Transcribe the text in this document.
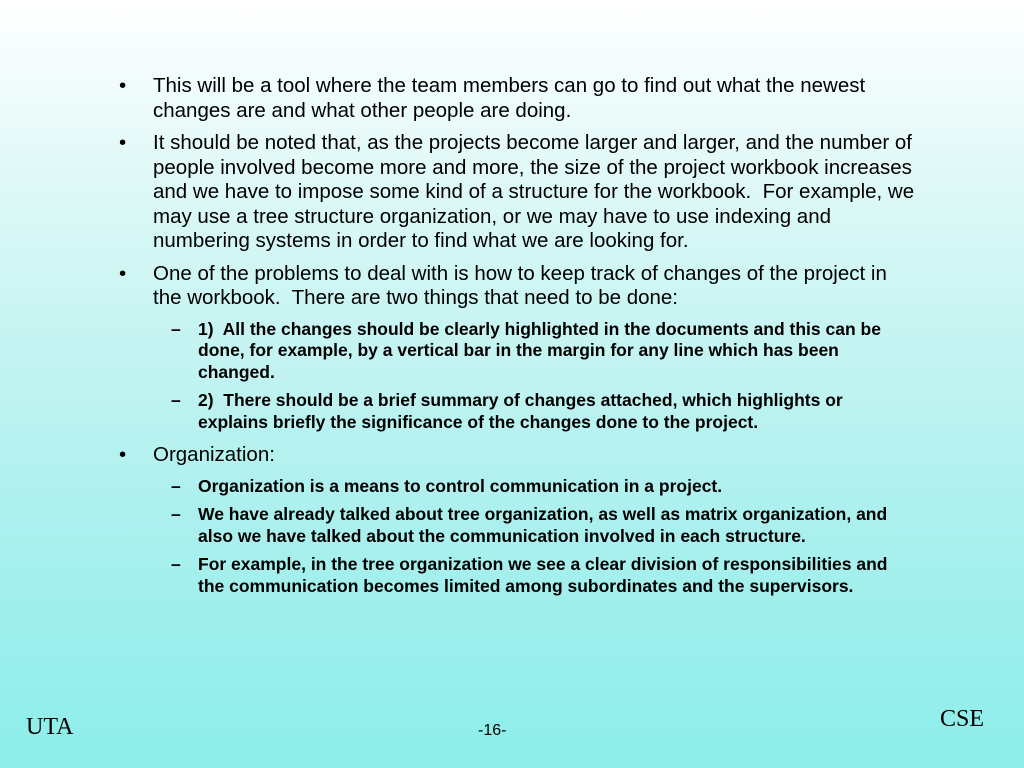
•	This will be a tool where the team members can go to find out what the newest changes are and what other people are doing.
•	It should be noted that, as the projects become larger and larger, and the number of people involved become more and more, the size of the project workbook increases and we have to impose some kind of a structure for the workbook.  For example, we may use a tree structure organization, or we may have to use indexing and numbering systems in order to find what we are looking for.
•	One of the problems to deal with is how to keep track of changes of the project in the workbook.  There are two things that need to be done:
– 1)  All the changes should be clearly highlighted in the documents and this can be done, for example, by a vertical bar in the margin for any line which has been changed.
– 2)  There should be a brief summary of changes attached, which highlights or explains briefly the significance of the changes done to the project.
•	Organization:
– Organization is a means to control communication in a project.
– We have already talked about tree organization, as well as matrix organization, and also we have talked about the communication involved in each structure.
– For example, in the tree organization we see a clear division of responsibilities and the communication becomes limited among subordinates and the supervisors.
UTA	-16-	CSE
